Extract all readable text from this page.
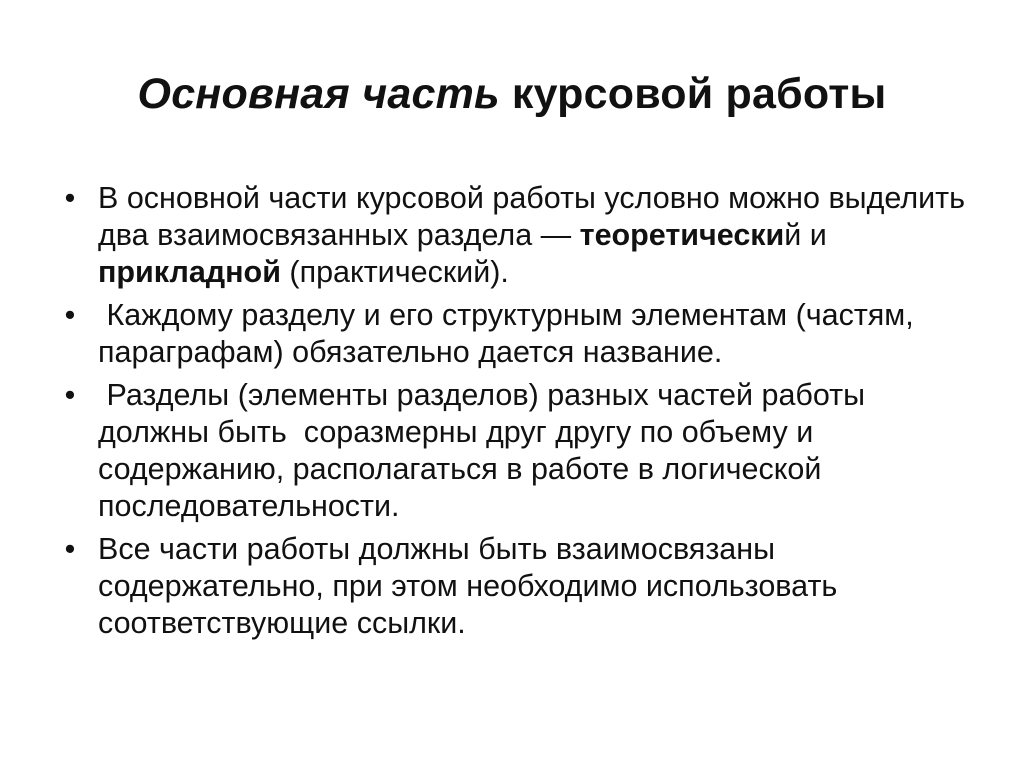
Основная часть курсовой работы
• В основной части курсовой работы условно можно выделить два взаимосвязанных раздела — теоретический и прикладной (практический).
• Каждому разделу и его структурным элементам (частям, параграфам) обязательно дается название.
• Разделы (элементы разделов) разных частей работы должны быть  соразмерны друг другу по объему и содержанию, располагаться в работе в логической последовательности.
• Все части работы должны быть взаимосвязаны содержательно, при этом необходимо использовать соответствующие ссылки.
